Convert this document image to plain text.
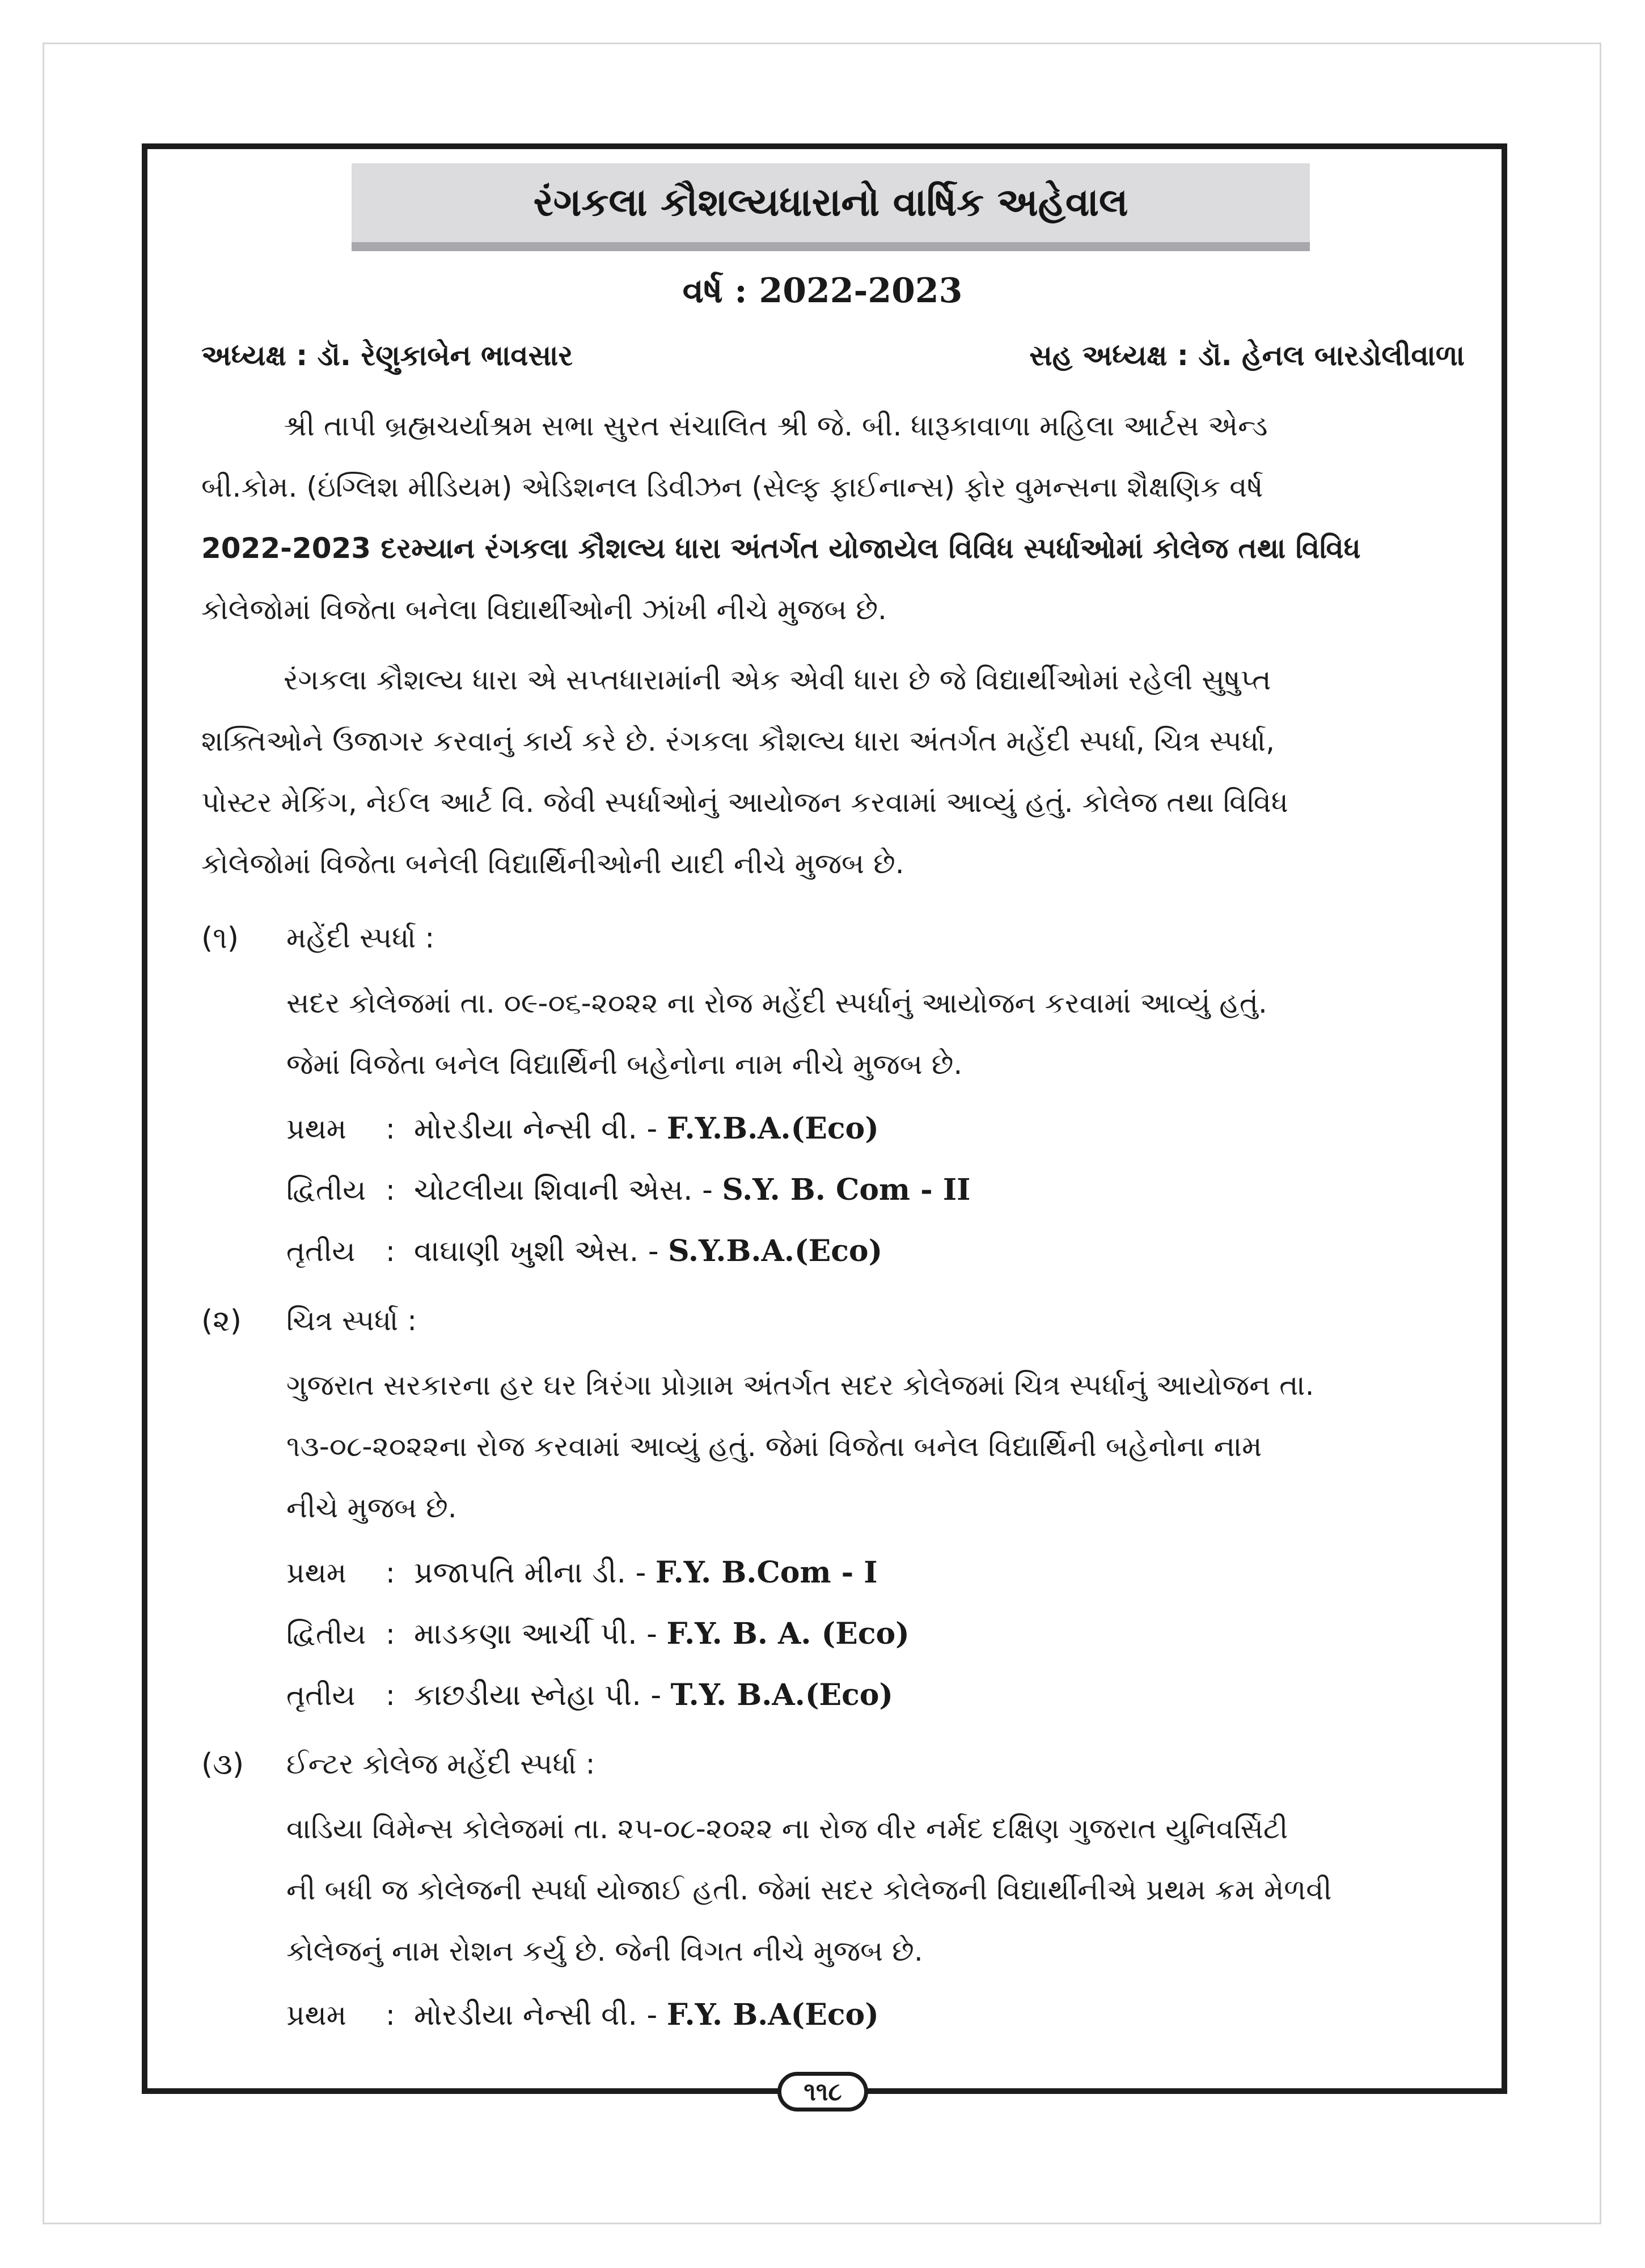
રંગકલા કૌશલ્યધારાનો વાર્ષિક અહેવાલ
વર્ષ : 2022-2023
અધ્યક્ષ : ડૉ. રેણુકાબેન ભાવસાર	સહ અધ્યક્ષ : ડૉ. હેનલ બારડોલીવાળા
શ્રી તાપી બ્રહ્મચર્યાશ્રમ સભા સુરત સંચાલિત શ્રી જે. બી. ધારૂકાવાળા મહિલા આર્ટસ એન્ડ
બી.કોમ. (ઇંગ્લિશ મીડિયમ) એડિશનલ ડિવીઝન (સેલ્ફ ફાઈનાન્સ) ફોર વુમન્સના શૈક્ષણિક વર્ષ
2022-2023 દરમ્યાન રંગકલા કૌશલ્ય ધારા અંતર્ગત યોજાયેલ વિવિધ સ્પર્ધાઓમાં કોલેજ તથા વિવિધ
કોલેજોમાં વિજેતા બનેલા વિદ્યાર્થીઓની ઝાંખી નીચે મુજબ છે.
રંગકલા કૌશલ્ય ધારા એ સપ્તધારામાંની એક એવી ધારા છે જે વિદ્યાર્થીઓમાં રહેલી સુષુપ્ત
શક્તિઓને ઉજાગર કરવાનું કાર્ય કરે છે. રંગકલા કૌશલ્ય ધારા અંતર્ગત મહેંદી સ્પર્ધા, ચિત્ર સ્પર્ધા,
પોસ્ટર મેકિંગ, નેઈલ આર્ટ વિ. જેવી સ્પર્ધાઓનું આયોજન કરવામાં આવ્યું હતું. કોલેજ તથા વિવિધ
કોલેજોમાં વિજેતા બનેલી વિદ્યાર્થિનીઓની યાદી નીચે મુજબ છે.
(૧) મહેંદી સ્પર્ધા :
સદર કોલેજમાં તા. ૦૯-૦૬-૨૦૨૨ ના રોજ મહેંદી સ્પર્ધાનું આયોજન કરવામાં આવ્યું હતું.
જેમાં વિજેતા બનેલ વિદ્યાર્થિની બહેનોના નામ નીચે મુજબ છે.
પ્રથમ : મોરડીયા નેન્સી વી. - F.Y.B.A.(Eco)
દ્વિતીય : ચોટલીયા શિવાની એસ. - S.Y. B. Com - II
તૃતીય : વાઘાણી ખુશી એસ. - S.Y.B.A.(Eco)
(૨) ચિત્ર સ્પર્ધા :
ગુજરાત સરકારના હર ઘર ત્રિરંગા પ્રોગ્રામ અંતર્ગત સદર કોલેજમાં ચિત્ર સ્પર્ધાનું આયોજન તા.
૧૩-૦૮-૨૦૨૨ના રોજ કરવામાં આવ્યું હતું. જેમાં વિજેતા બનેલ વિદ્યાર્થિની બહેનોના નામ
નીચે મુજબ છે.
પ્રથમ : પ્રજાપતિ મીના ડી. - F.Y. B.Com - I
દ્વિતીય : માડકણા આર્ચી પી. - F.Y. B. A. (Eco)
તૃતીય : કાછડીયા સ્નેહા પી. - T.Y. B.A.(Eco)
(૩) ઈન્ટર કોલેજ મહેંદી સ્પર્ધા :
વાડિયા વિમેન્સ કોલેજમાં તા. ૨૫-૦૮-૨૦૨૨ ના રોજ વીર નર્મદ દક્ષિણ ગુજરાત યુનિવર્સિટી
ની બધી જ કોલેજની સ્પર્ધા યોજાઈ હતી. જેમાં સદર કોલેજની વિદ્યાર્થીનીએ પ્રથમ ક્રમ મેળવી
કોલેજનું નામ રોશન કર્યુ છે. જેની વિગત નીચે મુજબ છે.
પ્રથમ : મોરડીયા નેન્સી વી. - F.Y. B.A(Eco)
૧૧૮
